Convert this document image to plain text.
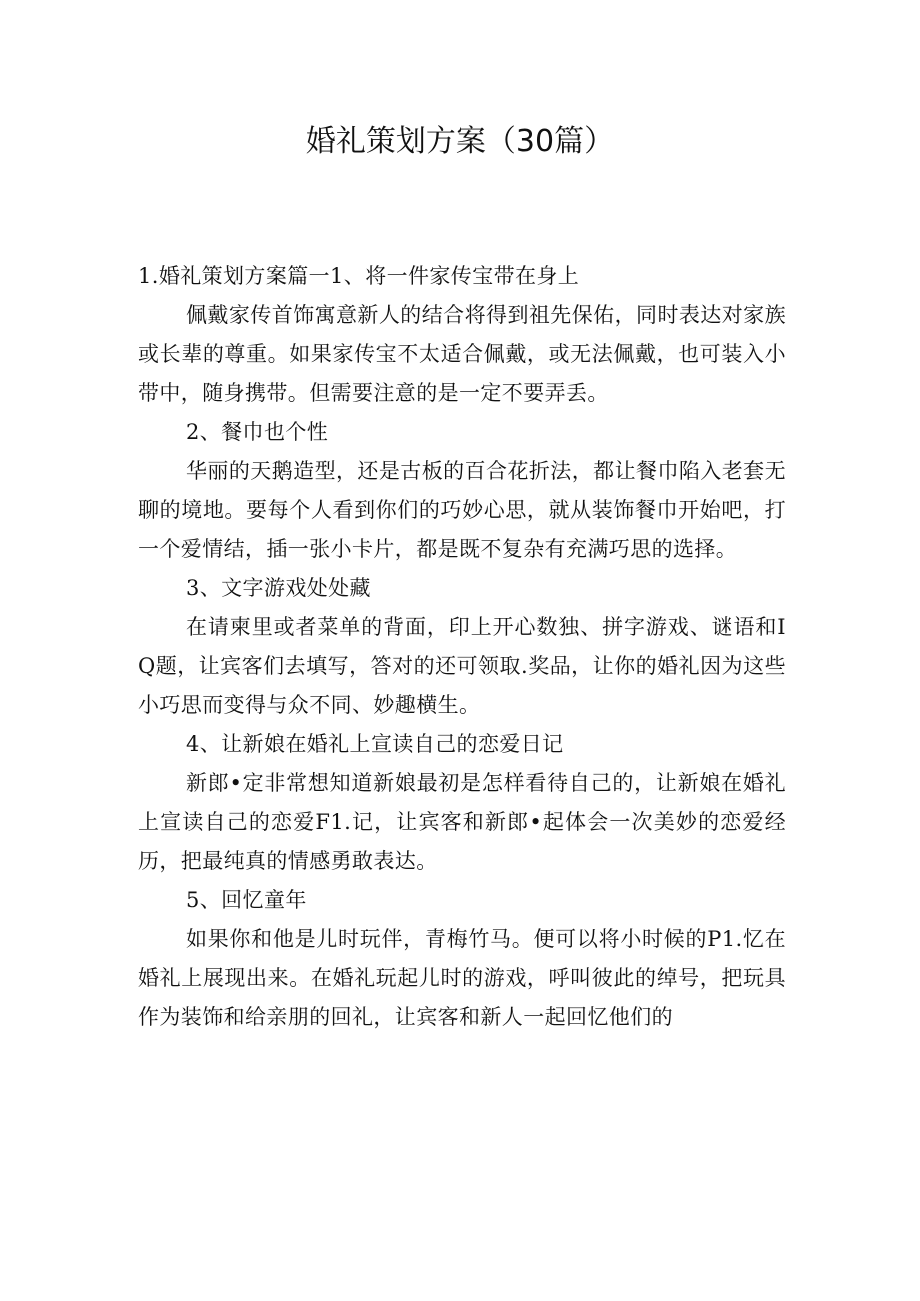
婚礼策划方案（30篇）

1.婚礼策划方案篇一1、将一件家传宝带在身上

佩戴家传首饰寓意新人的结合将得到祖先保佑，同时表达对家族或长辈的尊重。如果家传宝不太适合佩戴，或无法佩戴，也可装入小带中，随身携带。但需要注意的是一定不要弄丢。

2、餐巾也个性

华丽的天鹅造型，还是古板的百合花折法，都让餐巾陷入老套无聊的境地。要每个人看到你们的巧妙心思，就从装饰餐巾开始吧，打一个爱情结，插一张小卡片，都是既不复杂有充满巧思的选择。

3、文字游戏处处藏

在请柬里或者菜单的背面，印上开心数独、拼字游戏、谜语和IQ题，让宾客们去填写，答对的还可领取.奖品，让你的婚礼因为这些小巧思而变得与众不同、妙趣横生。

4、让新娘在婚礼上宣读自己的恋爱日记

新郎•定非常想知道新娘最初是怎样看待自己的，让新娘在婚礼上宣读自己的恋爱F1.记，让宾客和新郎•起体会一次美妙的恋爱经历，把最纯真的情感勇敢表达。

5、回忆童年

如果你和他是儿时玩伴，青梅竹马。便可以将小时候的P1.忆在婚礼上展现出来。在婚礼玩起儿时的游戏，呼叫彼此的绰号，把玩具作为装饰和给亲朋的回礼，让宾客和新人一起回忆他们的
